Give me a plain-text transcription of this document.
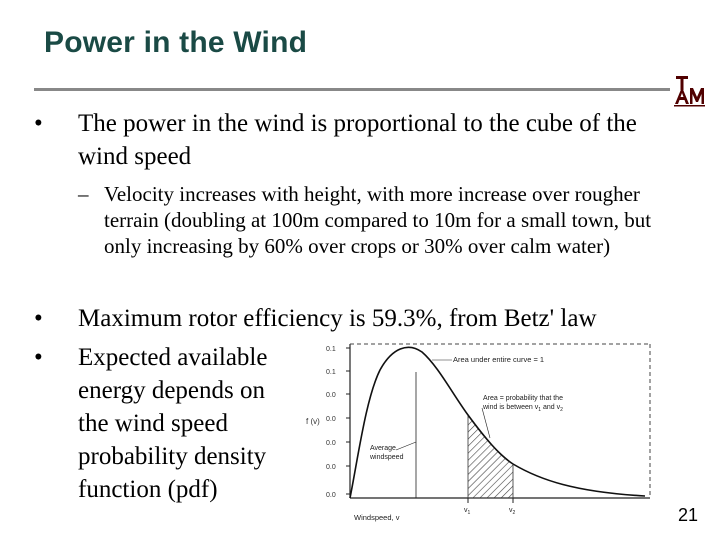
Power in the Wind
• The power in the wind is proportional to the cube of the wind speed
– Velocity increases with height, with more increase over rougher terrain (doubling at 100m compared to 10m for a small town, but only increasing by 60% over crops or 30% over calm water)
• Maximum rotor efficiency is 59.3%, from Betz' law
• Expected available energy depends on the wind speed probability density function (pdf)
0.1
0.1
0.0
0.0
0.0
0.0
0.0
f (v)
Area under entire curve = 1
Area = probability that the wind is between $v_1$ and $v_2$
Average windspeed
$v_1$	$v_2$
Windspeed, v	21
